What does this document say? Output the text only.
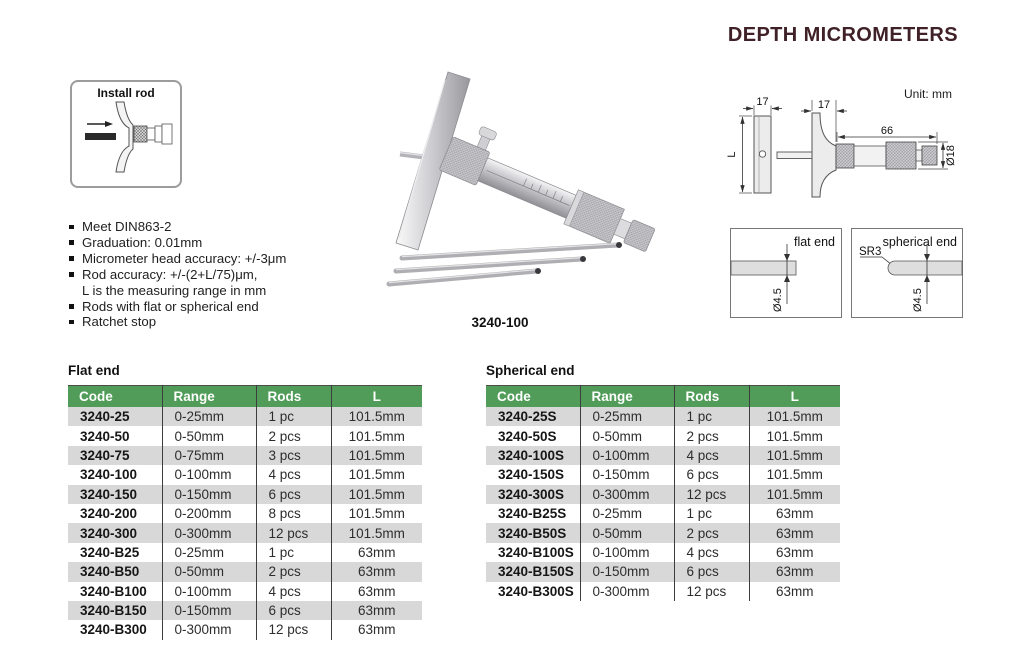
DEPTH MICROMETERS
Unit: mm
Install rod
Meet DIN863-2
Graduation: 0.01mm
Micrometer head accuracy: +/-3μm
Rod accuracy: +/-(2+L/75)μm,
L is the measuring range in mm
Rods with flat or spherical end
Ratchet stop	3240-100
17
L
17
66
Ø18
flat end
Ø4.5
spherical end
SR3
Ø4.5
Flat end
Code	Range	Rods	L
3240-25	0-25mm	1 pc	101.5mm
3240-50	0-50mm	2 pcs	101.5mm
3240-75	0-75mm	3 pcs	101.5mm
3240-100	0-100mm	4 pcs	101.5mm
3240-150	0-150mm	6 pcs	101.5mm
3240-200	0-200mm	8 pcs	101.5mm
3240-300	0-300mm	12 pcs	101.5mm
3240-B25	0-25mm	1 pc	63mm
3240-B50	0-50mm	2 pcs	63mm
3240-B100	0-100mm	4 pcs	63mm
3240-B150	0-150mm	6 pcs	63mm
3240-B300	0-300mm	12 pcs	63mm
Spherical end
Code	Range	Rods	L
3240-25S	0-25mm	1 pc	101.5mm
3240-50S	0-50mm	2 pcs	101.5mm
3240-100S	0-100mm	4 pcs	101.5mm
3240-150S	0-150mm	6 pcs	101.5mm
3240-300S	0-300mm	12 pcs	101.5mm
3240-B25S	0-25mm	1 pc	63mm
3240-B50S	0-50mm	2 pcs	63mm
3240-B100S	0-100mm	4 pcs	63mm
3240-B150S	0-150mm	6 pcs	63mm
3240-B300S	0-300mm	12 pcs	63mm
